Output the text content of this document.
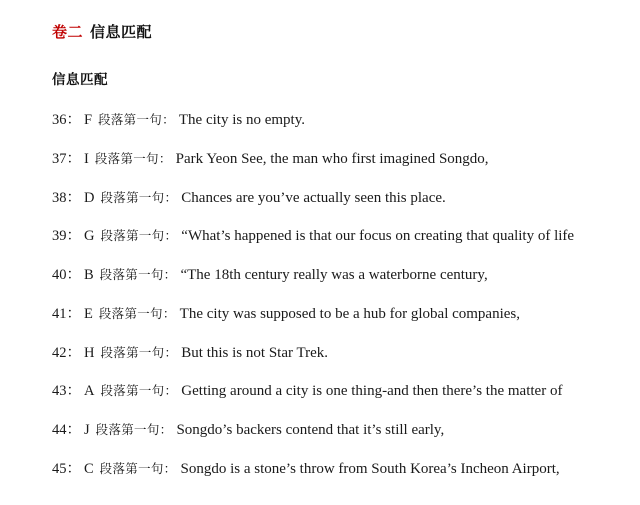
卷二 信息匹配
信息匹配
36： F 段落第一句： The city is no empty.
37： I 段落第一句： Park Yeon See, the man who first imagined Songdo,
38： D 段落第一句： Chances are you’ve actually seen this place.
39： G 段落第一句： “What’s happened is that our focus on creating that quality of life
40： B 段落第一句： “The 18th century really was a waterborne century,
41： E 段落第一句： The city was supposed to be a hub for global companies,
42： H 段落第一句： But this is not Star Trek.
43： A 段落第一句： Getting around a city is one thing-and then there’s the matter of
44： J 段落第一句： Songdo’s backers contend that it’s still early,
45： C 段落第一句： Songdo is a stone’s throw from South Korea’s Incheon Airport,
